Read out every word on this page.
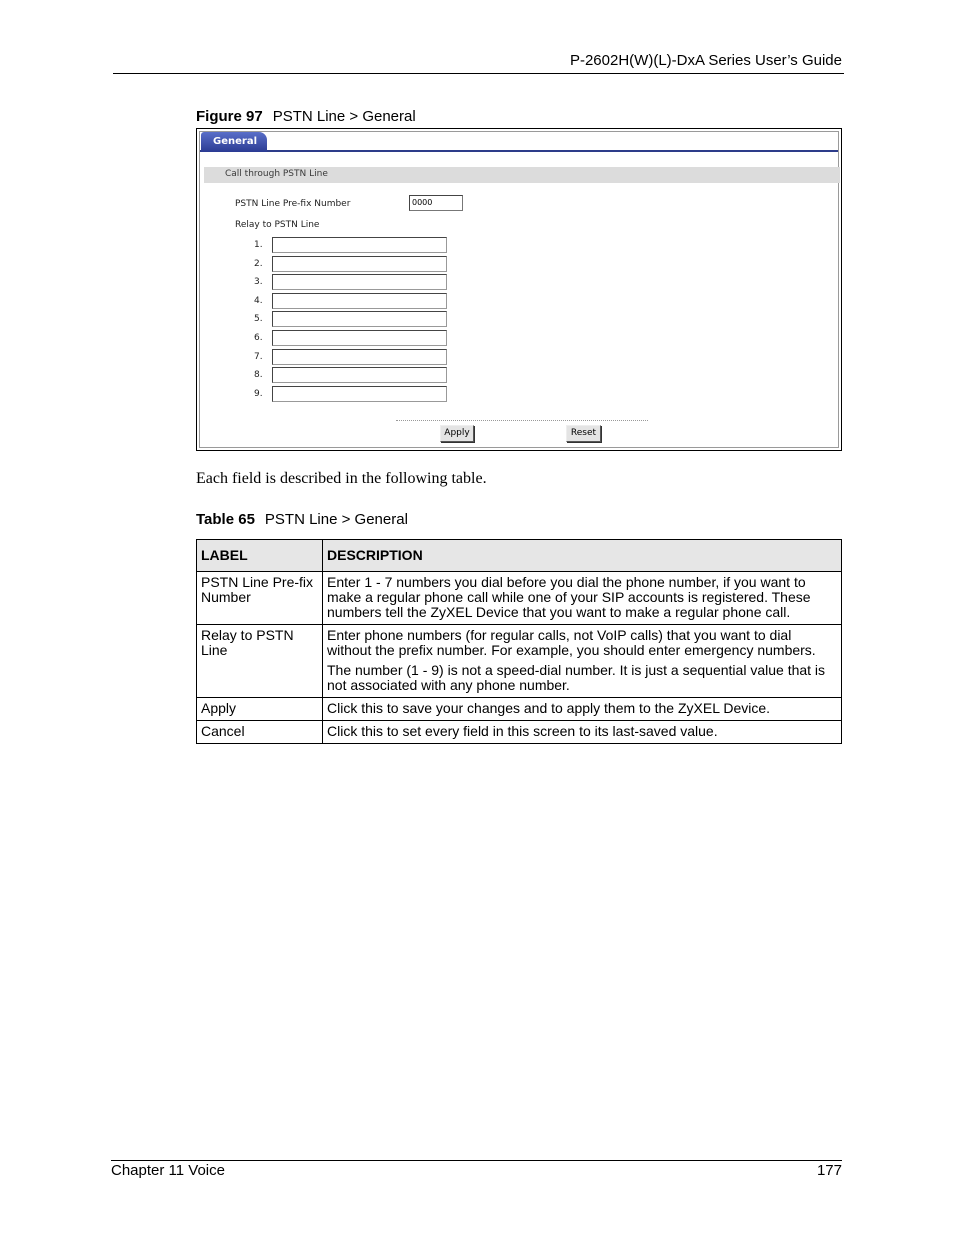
P-2602H(W)(L)-DxA Series User’s Guide
Figure 97 PSTN Line > General
General
Call through PSTN Line
PSTN Line Pre-fix Number	0000
Relay to PSTN Line
1.
2.
3.
4.
5.
6.
7.
8.
9.
Apply	Reset
Each field is described in the following table.
Table 65 PSTN Line > General
LABEL	DESCRIPTION
PSTN Line Pre-fix Number	Enter 1 - 7 numbers you dial before you dial the phone number, if you want to make a regular phone call while one of your SIP accounts is registered. These numbers tell the ZyXEL Device that you want to make a regular phone call.

Relay to PSTN Line	Enter phone numbers (for regular calls, not VoIP calls) that you want to dial without the prefix number. For example, you should enter emergency numbers.

The number (1 - 9) is not a speed-dial number. It is just a sequential value that is not associated with any phone number.

Apply	Click this to save your changes and to apply them to the ZyXEL Device.

Cancel	Click this to set every field in this screen to its last-saved value.

Chapter 11 Voice	177
